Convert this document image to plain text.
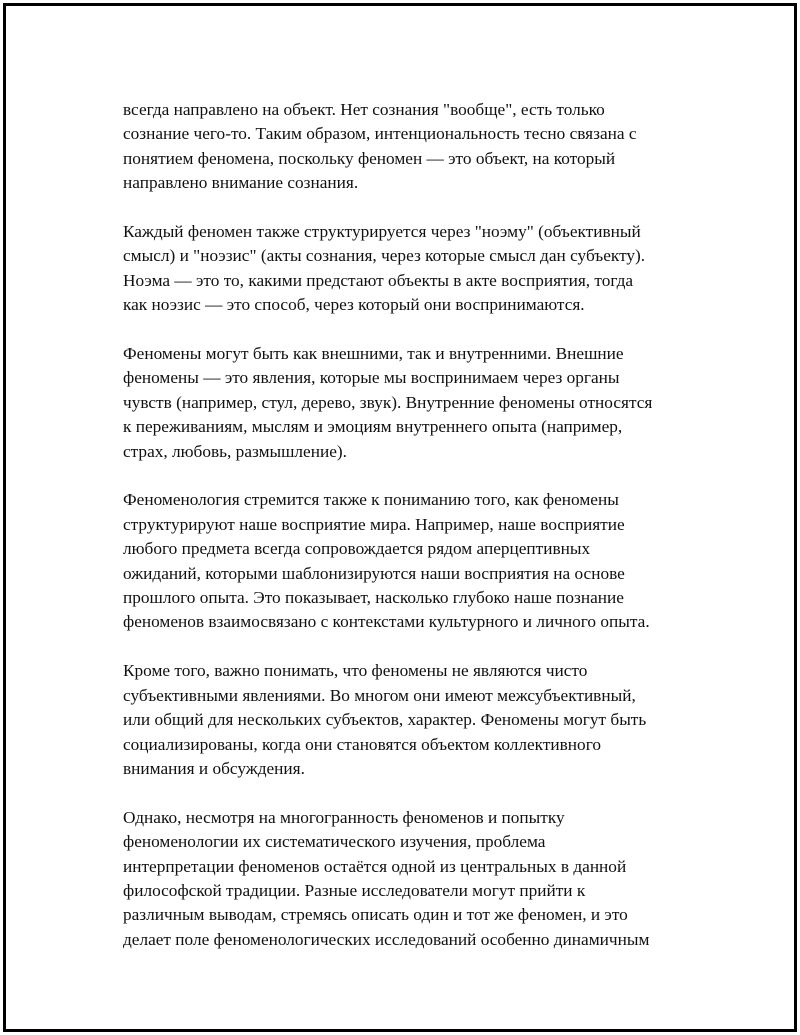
всегда направлено на объект. Нет сознания "вообще", есть только
сознание чего-то. Таким образом, интенциональность тесно связана с
понятием феномена, поскольку феномен — это объект, на который
направлено внимание сознания.

Каждый феномен также структурируется через "ноэму" (объективный
смысл) и "ноэзис" (акты сознания, через которые смысл дан субъекту).
Ноэма — это то, какими предстают объекты в акте восприятия, тогда
как ноэзис — это способ, через который они воспринимаются.

Феномены могут быть как внешними, так и внутренними. Внешние
феномены — это явления, которые мы воспринимаем через органы
чувств (например, стул, дерево, звук). Внутренние феномены относятся
к переживаниям, мыслям и эмоциям внутреннего опыта (например,
страх, любовь, размышление).

Феноменология стремится также к пониманию того, как феномены
структурируют наше восприятие мира. Например, наше восприятие
любого предмета всегда сопровождается рядом аперцептивных
ожиданий, которыми шаблонизируются наши восприятия на основе
прошлого опыта. Это показывает, насколько глубоко наше познание
феноменов взаимосвязано с контекстами культурного и личного опыта.

Кроме того, важно понимать, что феномены не являются чисто
субъективными явлениями. Во многом они имеют межсубъективный,
или общий для нескольких субъектов, характер. Феномены могут быть
социализированы, когда они становятся объектом коллективного
внимания и обсуждения.

Однако, несмотря на многогранность феноменов и попытку
феноменологии их систематического изучения, проблема
интерпретации феноменов остаётся одной из центральных в данной
философской традиции. Разные исследователи могут прийти к
различным выводам, стремясь описать один и тот же феномен, и это
делает поле феноменологических исследований особенно динамичным
